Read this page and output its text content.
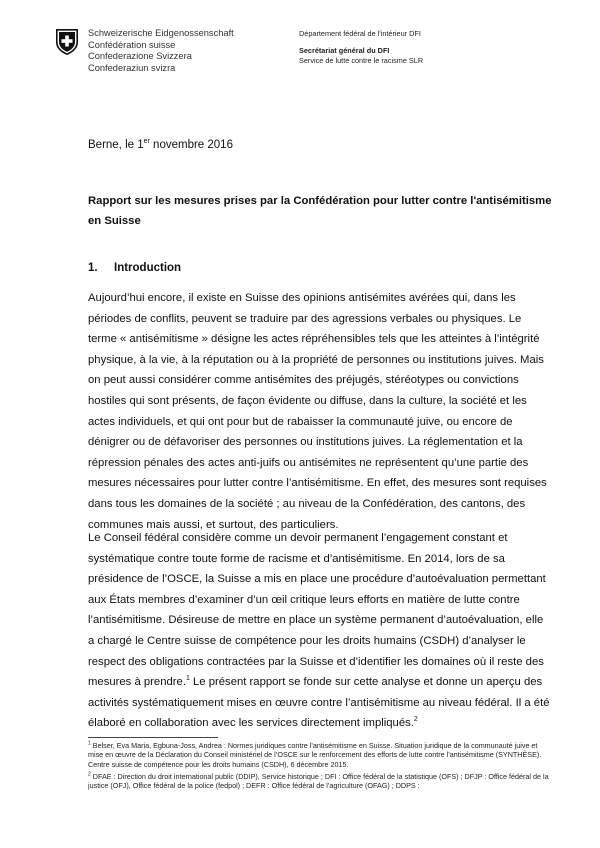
Schweizerische Eidgenossenschaft
Confédération suisse
Confederazione Svizzera
Confederaziun svizra
Département fédéral de l'intérieur DFI
Secrétariat général du DFI
Service de lutte contre le racisme SLR
Berne, le 1er novembre 2016
Rapport sur les mesures prises par la Confédération pour lutter contre l'antisémitisme en Suisse
1. Introduction

Aujourd’hui encore, il existe en Suisse des opinions antisémites avérées qui, dans les périodes de conflits, peuvent se traduire par des agressions verbales ou physiques. Le terme « antisémitisme » désigne les actes répréhensibles tels que les atteintes à l’intégrité physique, à la vie, à la réputation ou à la propriété de personnes ou institutions juives. Mais on peut aussi considérer comme antisémites des préjugés, stéréotypes ou convictions hostiles qui sont présents, de façon évidente ou diffuse, dans la culture, la société et les actes individuels, et qui ont pour but de rabaisser la communauté juive, ou encore de dénigrer ou de défavoriser des personnes ou institutions juives. La réglementation et la répression pénales des actes anti-juifs ou antisémites ne représentent qu’une partie des mesures nécessaires pour lutter contre l’antisémitisme. En effet, des mesures sont requises dans tous les domaines de la société ; au niveau de la Confédération, des cantons, des communes mais aussi, et surtout, des particuliers.

Le Conseil fédéral considère comme un devoir permanent l’engagement constant et systématique contre toute forme de racisme et d’antisémitisme. En 2014, lors de sa présidence de l’OSCE, la Suisse a mis en place une procédure d’autoévaluation permettant aux États membres d’examiner d’un œil critique leurs efforts en matière de lutte contre l’antisémitisme. Désireuse de mettre en place un système permanent d’autoévaluation, elle a chargé le Centre suisse de compétence pour les droits humains (CSDH) d’analyser le respect des obligations contractées par la Suisse et d’identifier les domaines où il reste des mesures à prendre.$^1$ Le présent rapport se fonde sur cette analyse et donne un aperçu des activités systématiquement mises en œuvre contre l’antisémitisme au niveau fédéral. Il a été élaboré en collaboration avec les services directement impliqués.$^2$

$^1$ Belser, Eva Maria, Egbuna-Joss, Andrea : Normes juridiques contre l’antisémitisme en Suisse. Situation juridique de la communauté juive et mise en œuvre de la Déclaration du Conseil ministériel de l’OSCE sur le renforcement des efforts de lutte contre l’antisémitisme (SYNTHÈSE). Centre suisse de compétence pour les droits humains (CSDH), 6 décembre 2015.

$^2$ DFAE : Direction du droit international public (DDIP), Service historique ; DFI : Office fédéral de la statistique (OFS) ; DFJP : Office fédéral de la justice (OFJ), Office fédéral de la police (fedpol) ; DEFR : Office fédéral de l’agriculture (OFAG) ; DDPS :
